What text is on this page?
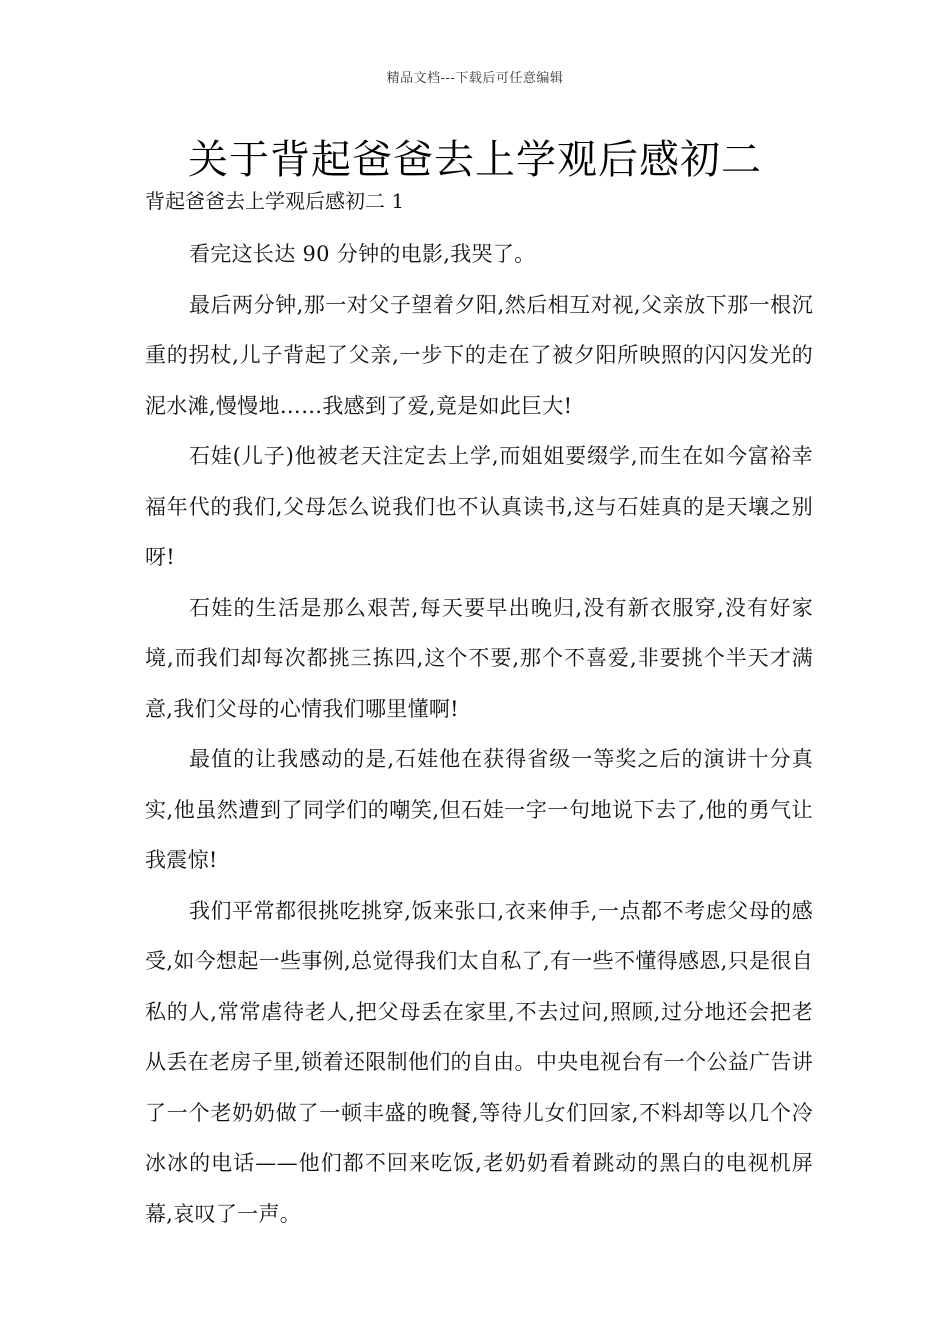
精品文档---下载后可任意编辑
关于背起爸爸去上学观后感初二
背起爸爸去上学观后感初二 1

看完这长达 90 分钟的电影,我哭了。

最后两分钟,那一对父子望着夕阳,然后相互对视,父亲放下那一根沉重的拐杖,儿子背起了父亲,一步下的走在了被夕阳所映照的闪闪发光的泥水滩,慢慢地……我感到了爱,竟是如此巨大!

石娃(儿子)他被老天注定去上学,而姐姐要缀学,而生在如今富裕幸福年代的我们,父母怎么说我们也不认真读书,这与石娃真的是天壤之别呀!

石娃的生活是那么艰苦,每天要早出晚归,没有新衣服穿,没有好家境,而我们却每次都挑三拣四,这个不要,那个不喜爱,非要挑个半天才满意,我们父母的心情我们哪里懂啊!

最值的让我感动的是,石娃他在获得省级一等奖之后的演讲十分真实,他虽然遭到了同学们的嘲笑,但石娃一字一句地说下去了,他的勇气让我震惊!

我们平常都很挑吃挑穿,饭来张口,衣来伸手,一点都不考虑父母的感受,如今想起一些事例,总觉得我们太自私了,有一些不懂得感恩,只是很自私的人,常常虐待老人,把父母丢在家里,不去过问,照顾,过分地还会把老从丢在老房子里,锁着还限制他们的自由。中央电视台有一个公益广告讲了一个老奶奶做了一顿丰盛的晚餐,等待儿女们回家,不料却等以几个冷冰冰的电话——他们都不回来吃饭,老奶奶看着跳动的黑白的电视机屏幕,哀叹了一声。
